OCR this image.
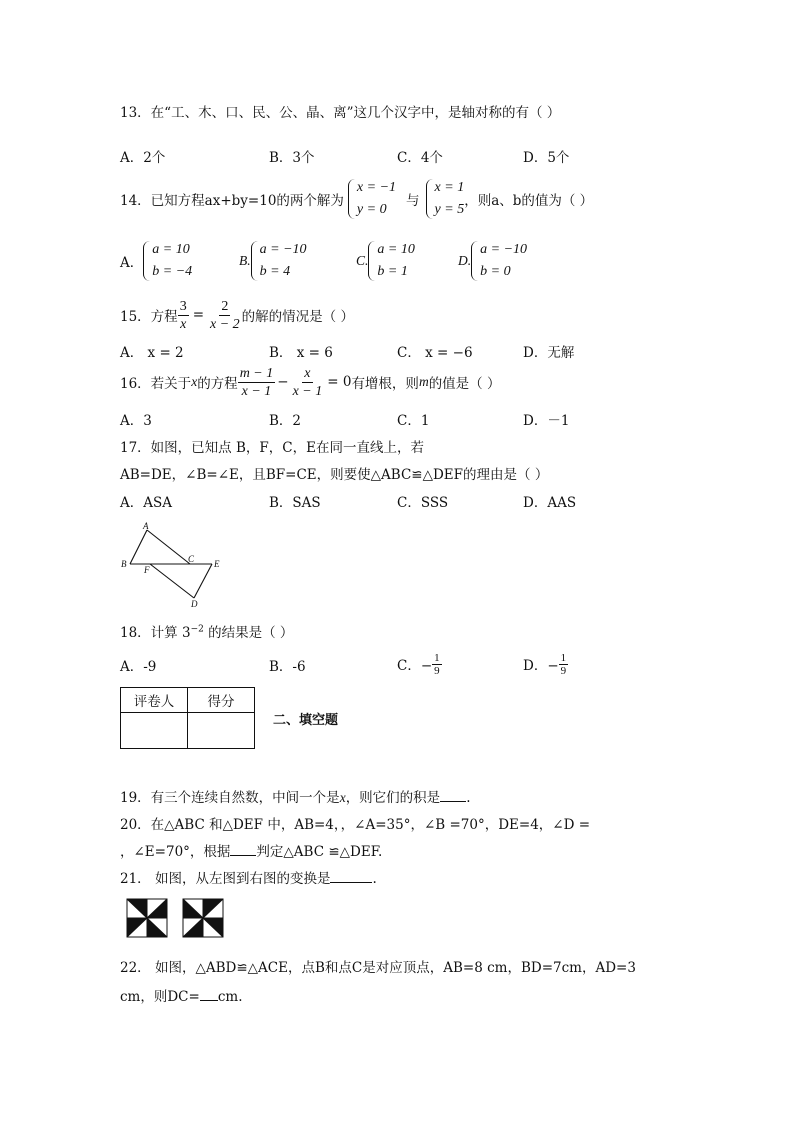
13．在“工、木、口、民、公、晶、离”这几个汉字中，是轴对称的有（ ）
A．2个	B．3个	C．4个	D．5个
14．已知方程ax+by=10的两个解为
x = −1
y = 0
与
x = 1
y = 5
，则a、b的值为（ ）
A．
a = 10
b = −4
B.
a = −10
b = 4
C.
a = 10
b = 1
D.
a = −10
b = 0
15．方程 $\frac{3}{x} = \frac{2}{x - 2}$ 的解的情况是（ ）
A． x = 2	B． x = 6	C． x = −6	D．无解
16．若关于 x 的方程 $\frac{m - 1}{x - 1} - \frac{x}{x - 1} = 0$ 有增根，则 m 的值是（ ）
A．3	B．2	C．1	D．－1
17．如图，已知点 B，F，C，E在同一直线上，若
AB=DE，∠B=∠E，且BF=CE，则要使△ABC≌△DEF的理由是（ ）
A．ASA	B．SAS	C．SSS	D．AAS
A
B
F
C E
D
18．计算 $3^{-2}$ 的结果是（ ）
A．-9	B．-6	C．− $\frac{1}{9}$	D．− $\frac{1}{9}$
评卷人	得分

二、填空题
19．有三个连续自然数，中间一个是x，则它们的积是 .
20．在△ABC 和△DEF 中，AB=4，，∠A=35°，∠B =70°，DE=4，∠D =
，∠E=70°，根据 判定△ABC ≌△DEF.
21． 如图，从左图到右图的变换是	.
22． 如图，△ABD≌△ACE，点B和点C是对应顶点，AB=8 cm，BD=7cm，AD=3
cm，则DC= cm.
